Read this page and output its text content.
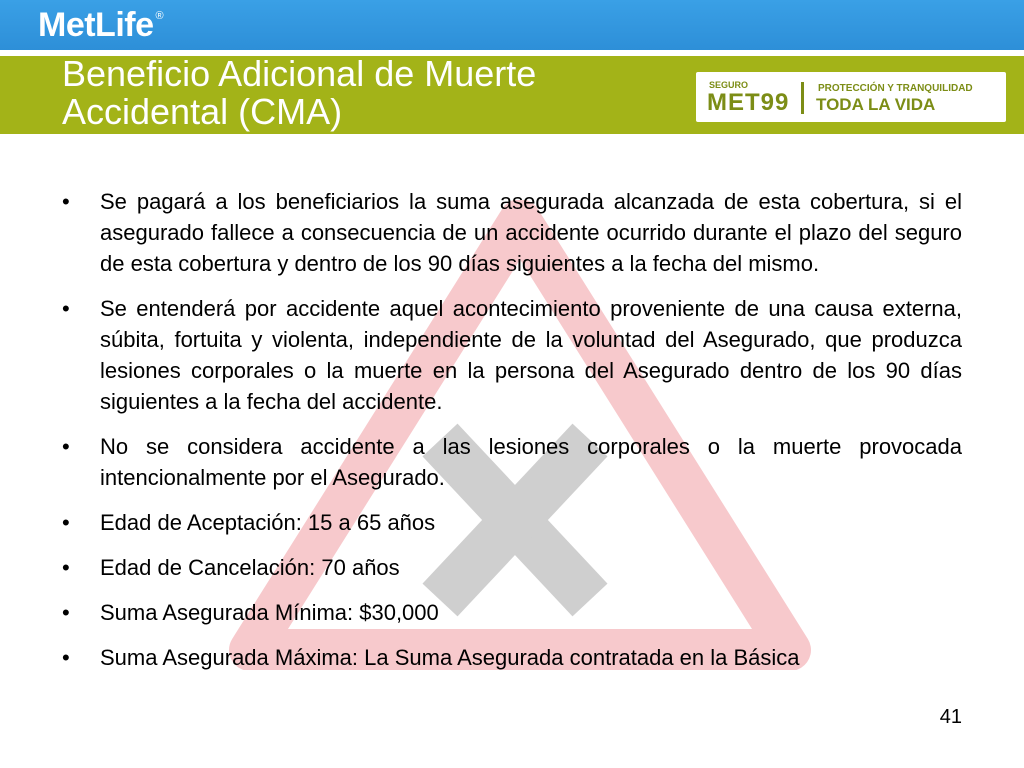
MetLife ®
Beneficio Adicional de Muerte Accidental (CMA)
SEGURO
MET99
PROTECCIÓN Y TRANQUILIDAD
TODA LA VIDA
•	Se pagará a los beneficiarios la suma asegurada alcanzada de esta cobertura, si el asegurado fallece a consecuencia de un accidente ocurrido durante el plazo del seguro de esta cobertura y dentro de los 90 días siguientes a la fecha del mismo.
•	Se entenderá por accidente aquel acontecimiento proveniente de una causa externa, súbita, fortuita y violenta, independiente de la voluntad del Asegurado, que produzca lesiones corporales o la muerte en la persona del Asegurado dentro de los 90 días siguientes a la fecha del accidente.
•	No se considera accidente a las lesiones corporales o la muerte provocada intencionalmente por el Asegurado.
•	Edad de Aceptación: 15 a 65 años
•	Edad de Cancelación: 70 años
•	Suma Asegurada Mínima: $30,000
•	Suma Asegurada Máxima: La Suma Asegurada contratada en la Básica
41
